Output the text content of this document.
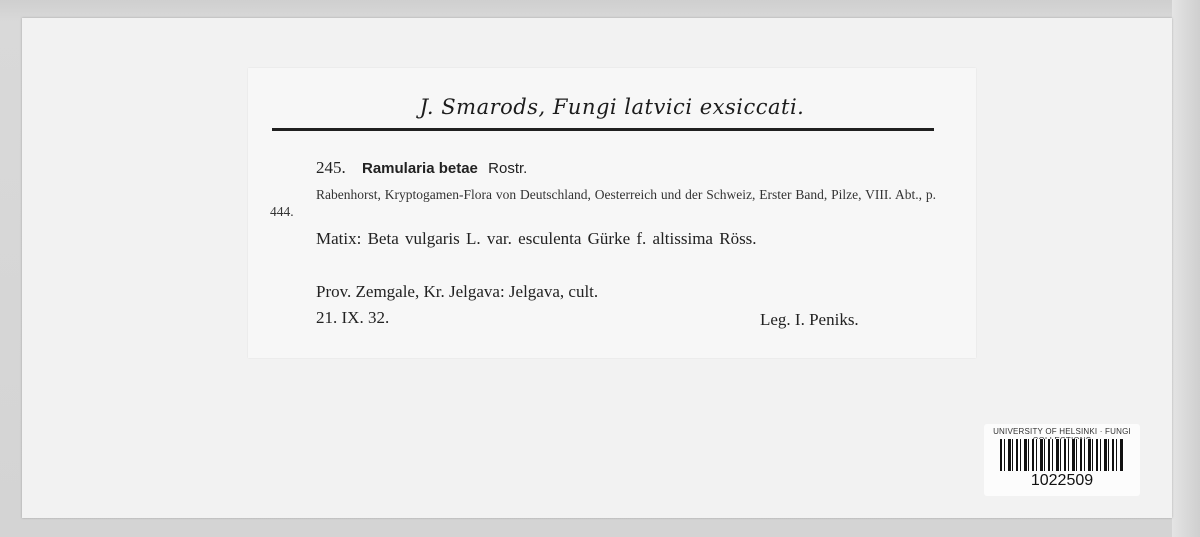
J. Smarods, Fungi latvici exsiccati.
245. Ramularia betae Rostr.
Rabenhorst, Kryptogamen-Flora von Deutschland, Oesterreich und der Schweiz, Erster Band, Pilze, VIII. Abt., p. 444.
Matix: Beta vulgaris L. var. esculenta Gürke f. altissima Röss.
Prov. Zemgale, Kr. Jelgava: Jelgava, cult.
21. IX. 32.	Leg. I. Peniks.
UNIVERSITY OF HELSINKI · FUNGI
1022509
